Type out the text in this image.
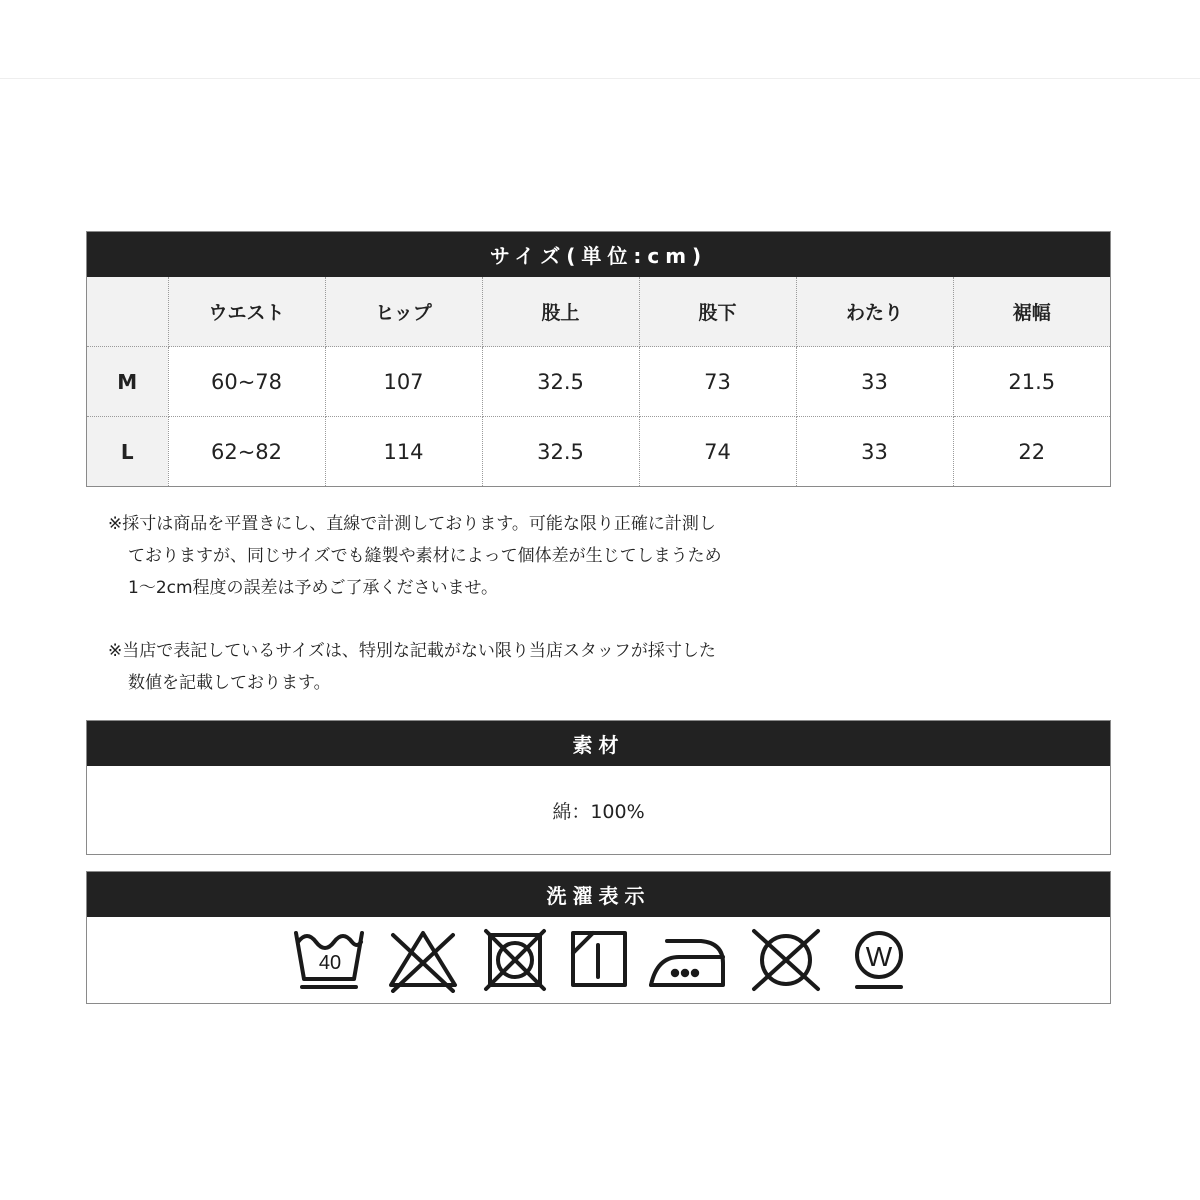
サイズ(単位:cm)
	ウエスト	ヒップ	股上	股下	わたり	裾幅
M	60~78	107	32.5	73	33	21.5
L	62~82	114	32.5	74	33	22

※採寸は商品を平置きにし、直線で計測しております。可能な限り正確に計測し
ておりますが、同じサイズでも縫製や素材によって個体差が生じてしまうため
1～2cm程度の誤差は予めご了承くださいませ。

※当店で表記しているサイズは、特別な記載がない限り当店スタッフが採寸した
数値を記載しております。

素材
綿：100%
洗濯表示
40	W
